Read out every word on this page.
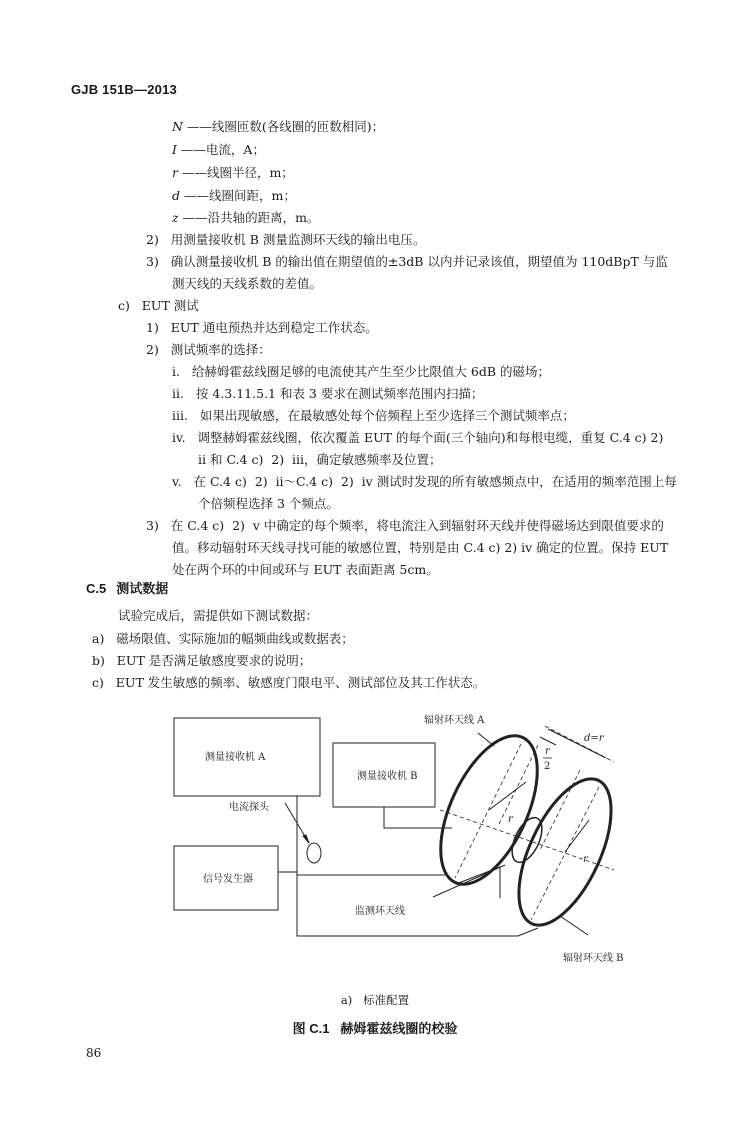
GJB 151B—2013
N ——线圈匝数(各线圈的匝数相同)；
I ——电流，A；
r ——线圈半径，m；
d ——线圈间距，m；
z ——沿共轴的距离，m。
2)   用测量接收机 B 测量监测环天线的输出电压。
3)   确认测量接收机 B 的输出值在期望值的±3dB 以内并记录该值，期望值为 110dBpT 与监
测天线的天线系数的差值。
c)   EUT 测试
1)   EUT 通电预热并达到稳定工作状态。
2)   测试频率的选择：
i.   给赫姆霍兹线圈足够的电流使其产生至少比限值大 6dB 的磁场；
ii.   按 4.3.11.5.1 和表 3 要求在测试频率范围内扫描；
iii.   如果出现敏感，在最敏感处每个倍频程上至少选择三个测试频率点；
iv.   调整赫姆霍兹线圈，依次覆盖 EUT 的每个面(三个轴向)和每根电缆，重复 C.4 c) 2)
ii 和 C.4 c)  2)  iii，确定敏感频率及位置；
v.   在 C.4 c)  2)  ii～C.4 c)  2)  iv 测试时发现的所有敏感频点中，在适用的频率范围上每
个倍频程选择 3 个频点。
3)   在 C.4 c)  2)  v 中确定的每个频率，将电流注入到辐射环天线并使得磁场达到限值要求的
值。移动辐射环天线寻找可能的敏感位置，特别是由 C.4 c) 2) iv 确定的位置。保持 EUT
处在两个环的中间或环与 EUT 表面距离 5cm。
C.5 测试数据
试验完成后，需提供如下测试数据：
a)   磁场限值、实际施加的幅频曲线或数据表；
b)   EUT 是否满足敏感度要求的说明；
c)   EUT 发生敏感的频率、敏感度门限电平、测试部位及其工作状态。
测量接收机 A
测量接收机 B
信号发生器
电流探头
监测环天线
辐射环天线 A
辐射环天线 B
d=r
r
r
r
2
a)   标准配置
图 C.1   赫姆霍兹线圈的校验
86
